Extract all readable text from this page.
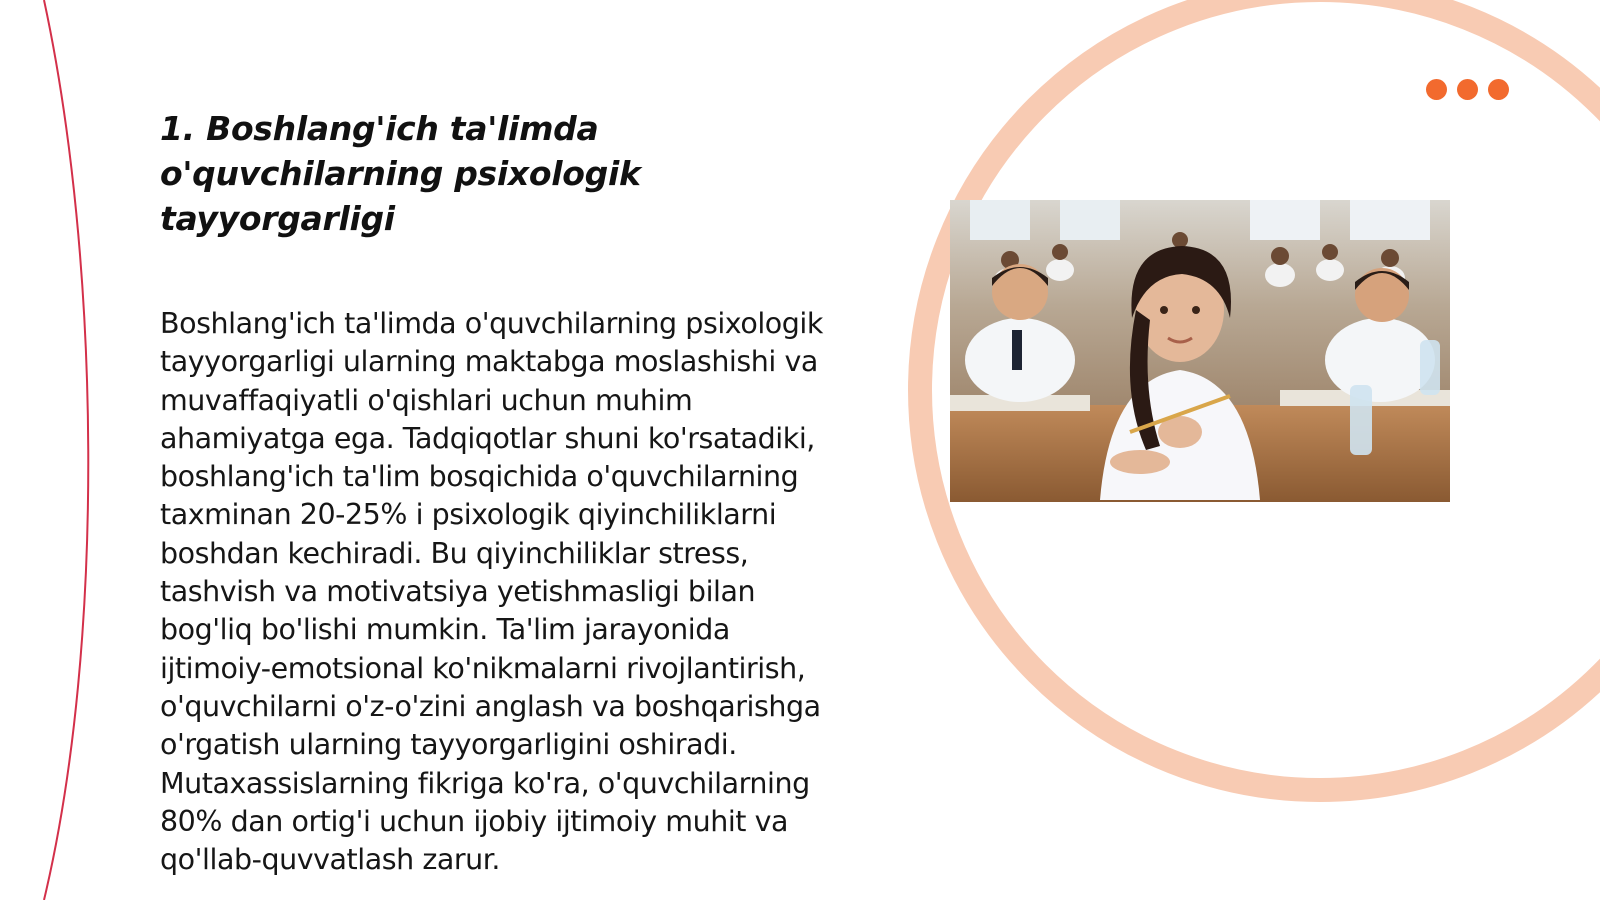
1. Boshlang'ich ta'limda o'quvchilarning psixologik tayyorgarligi

Boshlang'ich ta'limda o'quvchilarning psixologik tayyorgarligi ularning maktabga moslashishi va muvaffaqiyatli o'qishlari uchun muhim ahamiyatga ega. Tadqiqotlar shuni ko'rsatadiki, boshlang'ich ta'lim bosqichida o'quvchilarning taxminan 20-25% i psixologik qiyinchiliklarni boshdan kechiradi. Bu qiyinchiliklar stress, tashvish va motivatsiya yetishmasligi bilan bog'liq bo'lishi mumkin. Ta'lim jarayonida ijtimoiy-emotsional ko'nikmalarni rivojlantirish, o'quvchilarni o'z-o'zini anglash va boshqarishga o'rgatish ularning tayyorgarligini oshiradi. Mutaxassislarning fikriga ko'ra, o'quvchilarning 80% dan ortig'i uchun ijobiy ijtimoiy muhit va qo'llab-quvvatlash zarur.
